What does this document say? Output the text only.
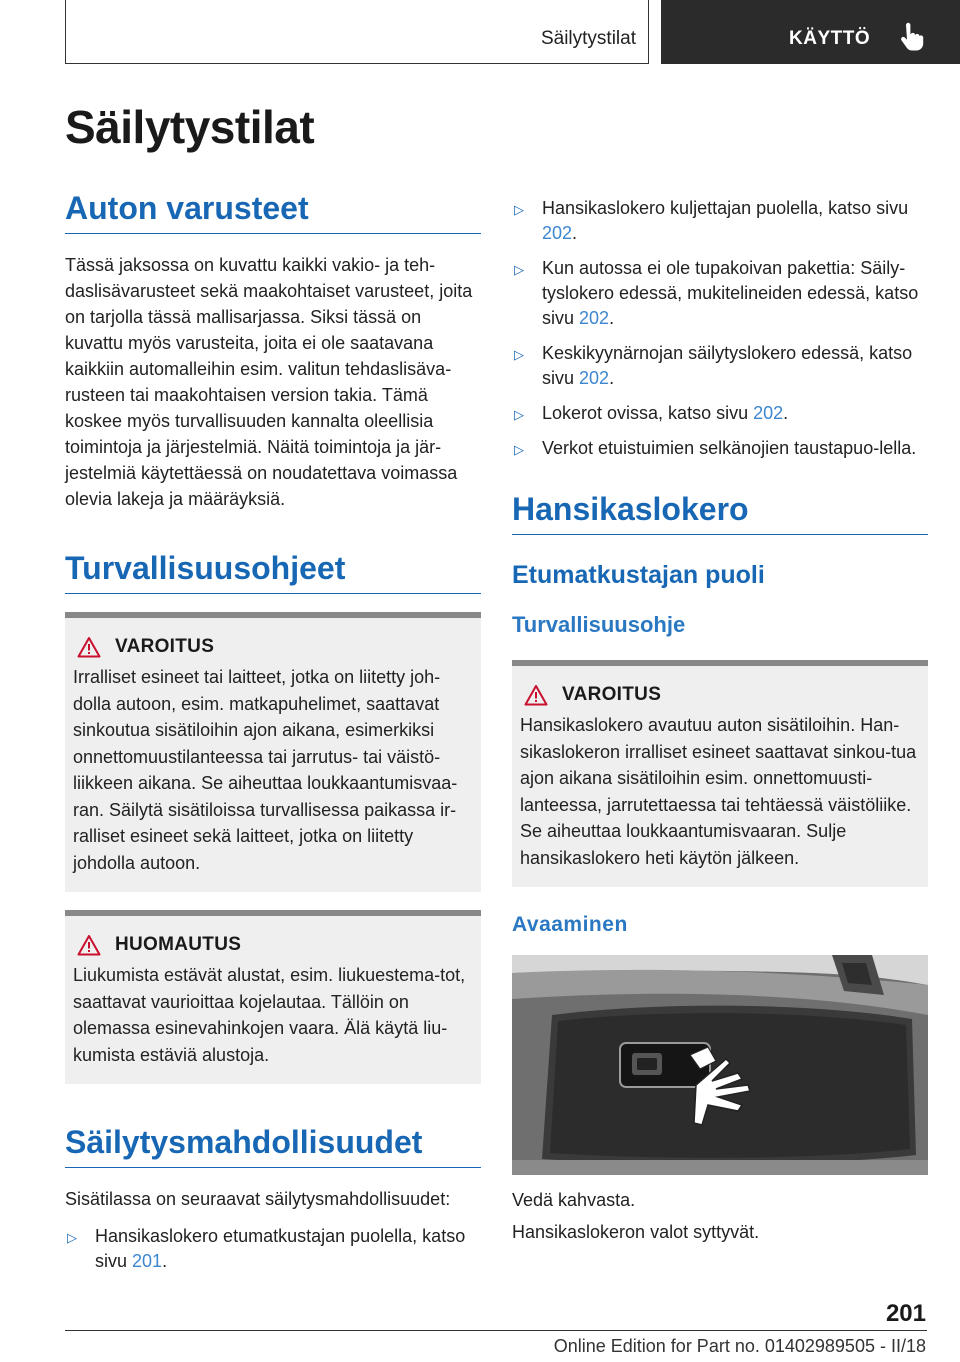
Säilytystilat	KÄYTTÖ
Säilytystilat
Auton varusteet

Tässä jaksossa on kuvattu kaikki vakio- ja teh-daslisävarusteet sekä maakohtaiset varusteet, joita on tarjolla tässä mallisarjassa. Siksi tässä on kuvattu myös varusteita, joita ei ole saatavana kaikkiin automalleihin esim. valitun tehdaslisäva-rusteen tai maakohtaisen version takia. Tämä koskee myös turvallisuuden kannalta oleellisia toimintoja ja järjestelmiä. Näitä toimintoja ja jär-jestelmiä käytettäessä on noudatettava voimassa olevia lakeja ja määräyksiä.

Turvallisuusohjeet
VAROITUS

Irralliset esineet tai laitteet, jotka on liitetty joh-dolla autoon, esim. matkapuhelimet, saattavat sinkoutua sisätiloihin ajon aikana, esimerkiksi onnettomuustilanteessa tai jarrutus- tai väistö-liikkeen aikana. Se aiheuttaa loukkaantumisvaa-ran. Säilytä sisätiloissa turvallisessa paikassa ir-ralliset esineet sekä laitteet, jotka on liitetty johdolla autoon.

HUOMAUTUS

Liukumista estävät alustat, esim. liukuestema-tot, saattavat vaurioittaa kojelautaa. Tällöin on olemassa esinevahinkojen vaara. Älä käytä liu-kumista estäviä alustoja.

Säilytysmahdollisuudet

Sisätilassa on seuraavat säilytysmahdollisuudet:

▷ Hansikaslokero etumatkustajan puolella, katso sivu 201.
▷ Hansikaslokero kuljettajan puolella, katso sivu 202.
▷ Kun autossa ei ole tupakoivan pakettia: Säily-tyslokero edessä, mukitelineiden edessä, katso sivu 202.
▷ Keskikyynärnojan säilytyslokero edessä, katso sivu 202.
▷ Lokerot ovissa, katso sivu 202.
▷ Verkot etuistuimien selkänojien taustapuo-lella.
Hansikaslokero
Etumatkustajan puoli
Turvallisuusohje
VAROITUS

Hansikaslokero avautuu auton sisätiloihin. Han-sikaslokeron irralliset esineet saattavat sinkou-tua ajon aikana sisätiloihin esim. onnettomuusti-lanteessa, jarrutettaessa tai tehtäessä väistöliike. Se aiheuttaa loukkaantumisvaaran. Sulje hansikaslokero heti käytön jälkeen.

Avaaminen

Vedä kahvasta.

Hansikaslokeron valot syttyvät.

201
Online Edition for Part no. 01402989505 - II/18
